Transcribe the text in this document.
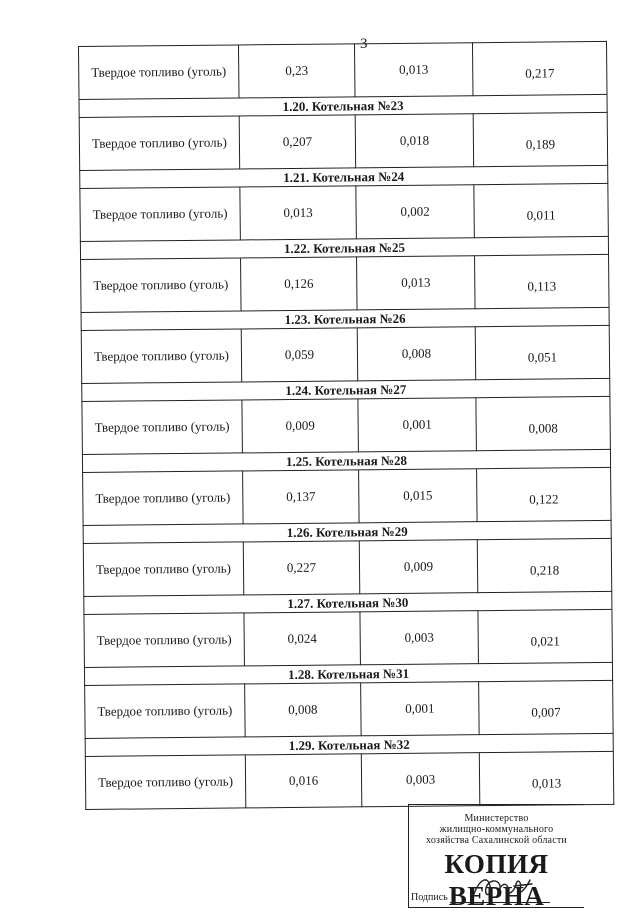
3
Твердое топливо (уголь)	0,23	0,013	0,217
1.20. Котельная №23			
Твердое топливо (уголь)	0,207	0,018	0,189
1.21. Котельная №24			
Твердое топливо (уголь)	0,013	0,002	0,011
1.22. Котельная №25			
Твердое топливо (уголь)	0,126	0,013	0,113
1.23. Котельная №26			
Твердое топливо (уголь)	0,059	0,008	0,051
1.24. Котельная №27			
Твердое топливо (уголь)	0,009	0,001	0,008
1.25. Котельная №28			
Твердое топливо (уголь)	0,137	0,015	0,122
1.26. Котельная №29			
Твердое топливо (уголь)	0,227	0,009	0,218
1.27. Котельная №30			
Твердое топливо (уголь)	0,024	0,003	0,021
1.28. Котельная №31			
Твердое топливо (уголь)	0,008	0,001	0,007
1.29. Котельная №32			
Твердое топливо (уголь)	0,016	0,003	0,013
Министерство
жилищно-коммунального
хозяйства Сахалинской области
КОПИЯ ВЕРНА
Подпись
